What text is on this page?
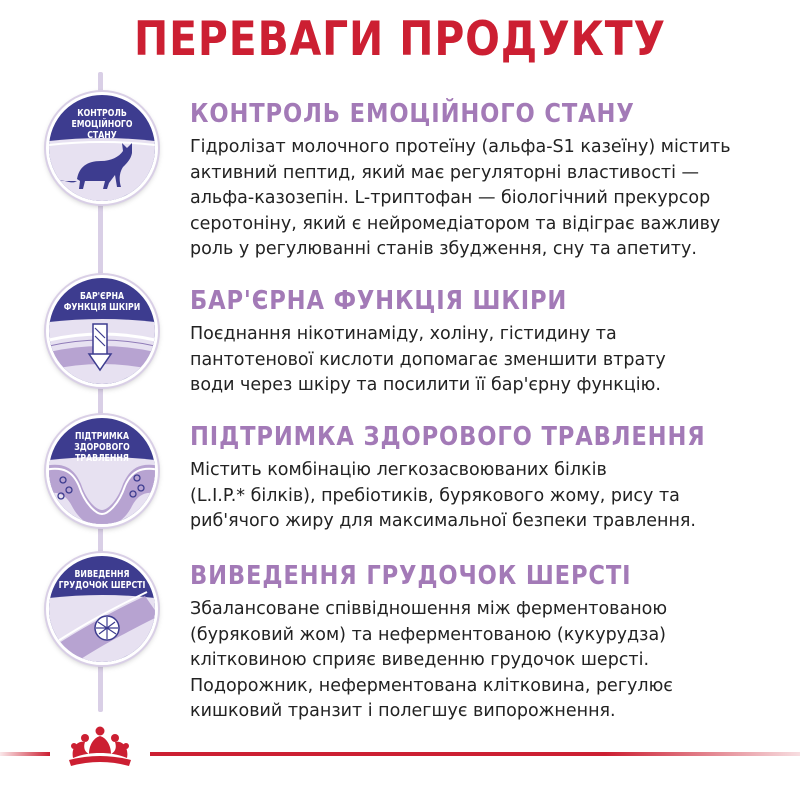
ПЕРЕВАГИ ПРОДУКТУ
КОНТРОЛЬ
ЕМОЦІЙНОГО СТАНУ
КОНТРОЛЬ ЕМОЦІЙНОГО СТАНУ
Гідролізат молочного протеїну (альфа-S1 казеїну) містить
активний пептид, який має регуляторні властивості —
альфа-казозепін. L-триптофан — біологічний прекурсор
серотоніну, який є нейромедіатором та відіграє важливу
роль у регулюванні станів збудження, сну та апетиту.
БАР'ЄРНА
ФУНКЦІЯ ШКІРИ БАР'ЄРНА ФУНКЦІЯ ШКІРИ
Поєднання нікотинаміду, холіну, гістидину та
пантотенової кислоти допомагає зменшити втрату
води через шкіру та посилити її бар'єрну функцію.
ПІДТРИМКА
ЗДОРОВОГО ТРАВЛЕННЯ
ПІДТРИМКА ЗДОРОВОГО ТРАВЛЕННЯ
Містить комбінацію легкозасвоюваних білків
(L.I.P.* білків), пребіотиків, бурякового жому, рису та
риб'ячого жиру для максимальної безпеки травлення.
ВИВЕДЕННЯ
ГРУДОЧОК ШЕРСТІ ВИВЕДЕННЯ ГРУДОЧОК ШЕРСТІ
Збалансоване співвідношення між ферментованою
(буряковий жом) та неферментованою (кукурудза)
клітковиною сприяє виведенню грудочок шерсті.
Подорожник, неферментована клітковина, регулює
кишковий транзит і полегшує випорожнення.
